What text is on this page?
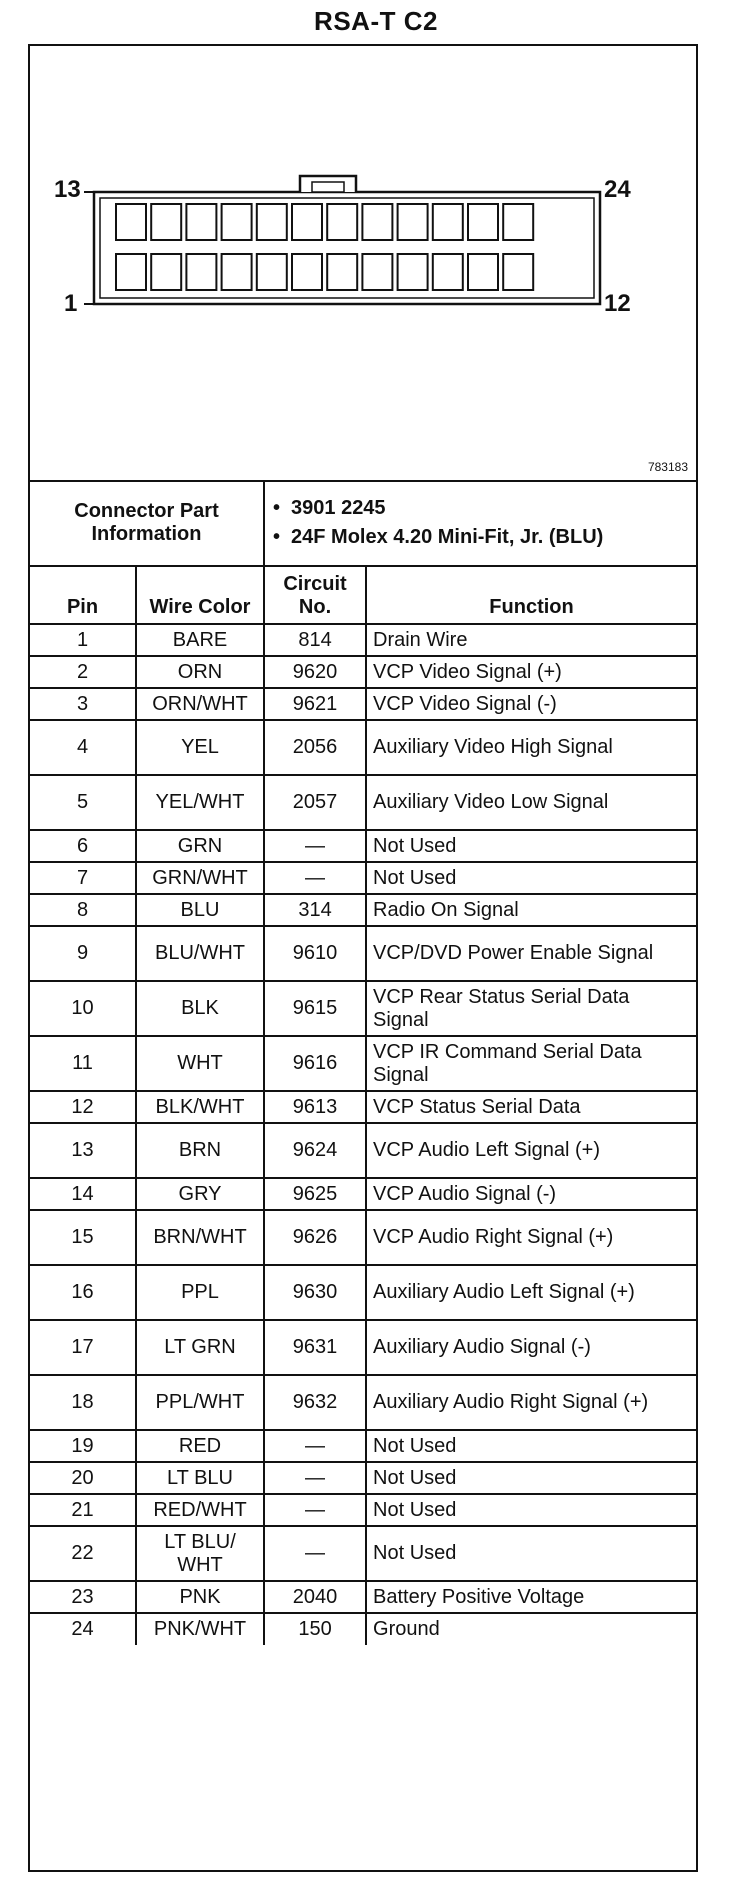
RSA-T C2
13	24
1	12
783183
Connector Part Information		• 3901 2245
• 24F Molex 4.20 Mini-Fit, Jr. (BLU)	

Pin	Wire Color	Circuit No.	Function
1	BARE	814	Drain Wire
2	ORN	9620	VCP Video Signal (+)
3	ORN/WHT	9621	VCP Video Signal (-)
4	YEL	2056	Auxiliary Video High Signal
5	YEL/WHT	2057	Auxiliary Video Low Signal
6	GRN	—	Not Used
7	GRN/WHT	—	Not Used
8	BLU	314	Radio On Signal
9	BLU/WHT	9610	VCP/DVD Power Enable Signal
10	BLK	9615	VCP Rear Status Serial Data Signal
11	WHT	9616	VCP IR Command Serial Data Signal
12	BLK/WHT	9613	VCP Status Serial Data
13	BRN	9624	VCP Audio Left Signal (+)
14	GRY	9625	VCP Audio Signal (-)
15	BRN/WHT	9626	VCP Audio Right Signal (+)
16	PPL	9630	Auxiliary Audio Left Signal (+)
17	LT GRN	9631	Auxiliary Audio Signal (-)
18	PPL/WHT	9632	Auxiliary Audio Right Signal (+)
19	RED	—	Not Used
20	LT BLU	—	Not Used
21	RED/WHT	—	Not Used
22	LT BLU/ WHT	—	Not Used
23	PNK	2040	Battery Positive Voltage
24	PNK/WHT	150	Ground
